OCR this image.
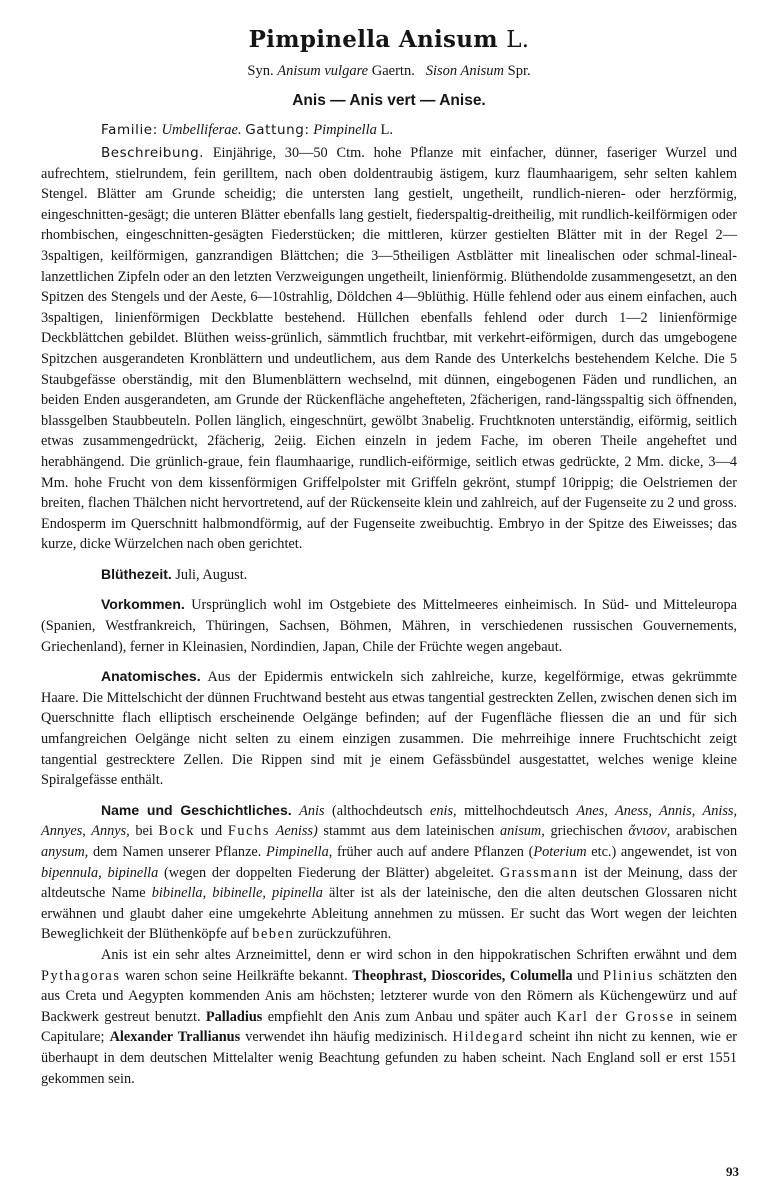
Pimpinella Anisum L.
Syn. Anisum vulgare Gaertn. Sison Anisum Spr.
Anis — Anis vert — Anise.
Familie: Umbelliferae. Gattung: Pimpinella L.

Beschreibung. Einjährige, 30—50 Ctm. hohe Pflanze mit einfacher, dünner, faseriger Wurzel und aufrechtem, stielrundem, fein gerilltem, nach oben doldentraubig ästigem, kurz flaumhaarigem, sehr selten kahlem Stengel. Blätter am Grunde scheidig; die untersten lang gestielt, ungetheilt, rundlich-nieren- oder herzförmig, eingeschnitten-gesägt; die unteren Blätter ebenfalls lang gestielt, fiederspaltig-dreitheilig, mit rundlich-keilförmigen oder rhombischen, eingeschnitten-gesägten Fiederstücken; die mittleren, kürzer gestielten Blätter mit in der Regel 2—3spaltigen, keilförmigen, ganzrandigen Blättchen; die 3—5theiligen Astblätter mit linealischen oder schmal-lineal-lanzettlichen Zipfeln oder an den letzten Verzweigungen ungetheilt, linienförmig. Blüthendolde zusammengesetzt, an den Spitzen des Stengels und der Aeste, 6—10strahlig, Döldchen 4—9blüthig. Hülle fehlend oder aus einem einfachen, auch 3spaltigen, linienförmigen Deckblatte bestehend. Hüllchen ebenfalls fehlend oder durch 1—2 linienförmige Deckblättchen gebildet. Blüthen weiss-grünlich, sämmtlich fruchtbar, mit verkehrt-eiförmigen, durch das umgebogene Spitzchen ausgerandeten Kronblättern und undeutlichem, aus dem Rande des Unterkelchs bestehendem Kelche. Die 5 Staubgefässe oberständig, mit den Blumenblättern wechselnd, mit dünnen, eingebogenen Fäden und rundlichen, an beiden Enden ausgerandeten, am Grunde der Rückenfläche angehefteten, 2fächerigen, rand-längsspaltig sich öffnenden, blassgelben Staubbeuteln. Pollen länglich, eingeschnürt, gewölbt 3nabelig. Fruchtknoten unterständig, eiförmig, seitlich etwas zusammengedrückt, 2fächerig, 2eiig. Eichen einzeln in jedem Fache, im oberen Theile angeheftet und herabhängend. Die grünlich-graue, fein flaumhaarige, rundlich-eiförmige, seitlich etwas gedrückte, 2 Mm. dicke, 3—4 Mm. hohe Frucht von dem kissenförmigen Griffelpolster mit Griffeln gekrönt, stumpf 10rippig; die Oelstriemen der breiten, flachen Thälchen nicht hervortretend, auf der Rückenseite klein und zahlreich, auf der Fugenseite zu 2 und gross. Endosperm im Querschnitt halbmondförmig, auf der Fugenseite zweibuchtig. Embryo in der Spitze des Eiweisses; das kurze, dicke Würzelchen nach oben gerichtet.

Blüthezeit. Juli, August.

Vorkommen. Ursprünglich wohl im Ostgebiete des Mittelmeeres einheimisch. In Süd- und Mitteleuropa (Spanien, Westfrankreich, Thüringen, Sachsen, Böhmen, Mähren, in verschiedenen russischen Gouvernements, Griechenland), ferner in Kleinasien, Nordindien, Japan, Chile der Früchte wegen angebaut.

Anatomisches. Aus der Epidermis entwickeln sich zahlreiche, kurze, kegelförmige, etwas gekrümmte Haare. Die Mittelschicht der dünnen Fruchtwand besteht aus etwas tangential gestreckten Zellen, zwischen denen sich im Querschnitte flach elliptisch erscheinende Oelgänge befinden; auf der Fugenfläche fliessen die an und für sich umfangreichen Oelgänge nicht selten zu einem einzigen zusammen. Die mehrreihige innere Fruchtschicht zeigt tangential gestrecktere Zellen. Die Rippen sind mit je einem Gefässbündel ausgestattet, welches wenige kleine Spiralgefässe enthält.

Name und Geschichtliches. Anis (althochdeutsch enis, mittelhochdeutsch Anes, Aness, Annis, Aniss, Annyes, Annys, bei Bock und Fuchs Aeniss) stammt aus dem lateinischen anisum, griechischen ἄνισον, arabischen anysum, dem Namen unserer Pflanze. Pimpinella, früher auch auf andere Pflanzen (Poterium etc.) angewendet, ist von bipennula, bipinella (wegen der doppelten Fiederung der Blätter) abgeleitet. Grassmann ist der Meinung, dass der altdeutsche Name bibinella, bibinelle, pipinella älter ist als der lateinische, den die alten deutschen Glossaren nicht erwähnen und glaubt daher eine umgekehrte Ableitung annehmen zu müssen. Er sucht das Wort wegen der leichten Beweglichkeit der Blüthenköpfe auf beben zurückzuführen.

Anis ist ein sehr altes Arzneimittel, denn er wird schon in den hippokratischen Schriften erwähnt und dem Pythagoras waren schon seine Heilkräfte bekannt. Theophrast, Dioscorides, Columella und Plinius schätzten den aus Creta und Aegypten kommenden Anis am höchsten; letzterer wurde von den Römern als Küchengewürz und auf Backwerk gestreut benutzt. Palladius empfiehlt den Anis zum Anbau und später auch Karl der Grosse in seinem Capitulare; Alexander Trallianus verwendet ihn häufig medizinisch. Hildegard scheint ihn nicht zu kennen, wie er überhaupt in dem deutschen Mittelalter wenig Beachtung gefunden zu haben scheint. Nach England soll er erst 1551 gekommen sein.

93
